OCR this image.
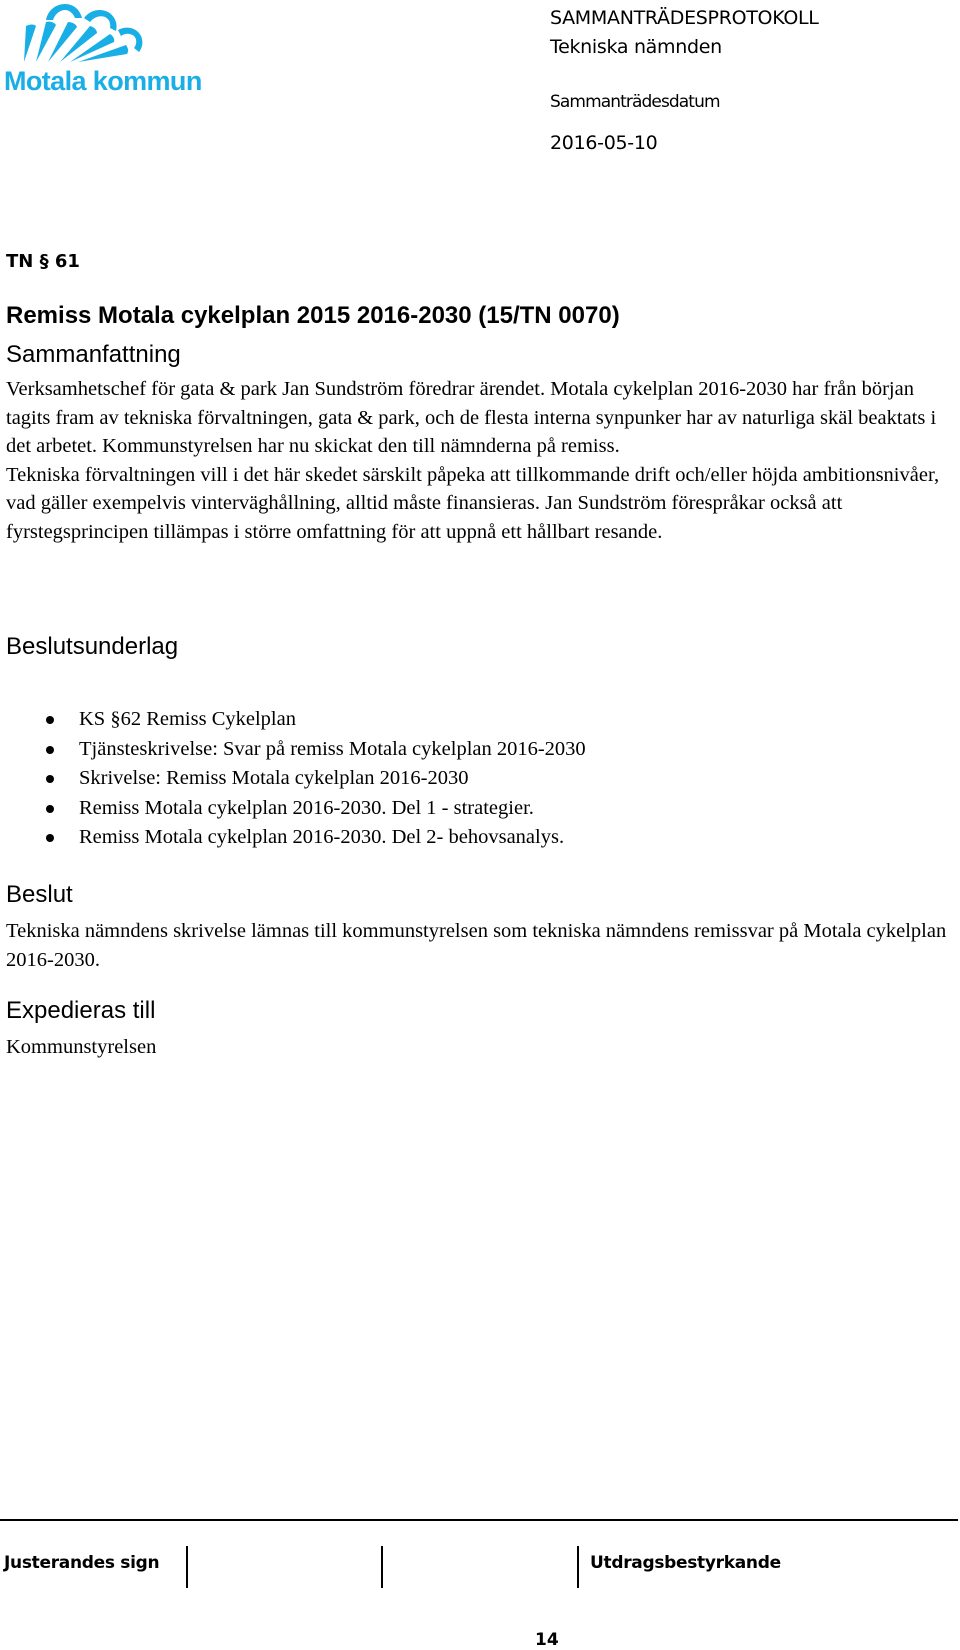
Motala kommun
SAMMANTRÄDESPROTOKOLL
Tekniska nämnden
Sammanträdesdatum
2016-05-10
TN § 61
Remiss Motala cykelplan 2015 2016-2030 (15/TN 0070)
Sammanfattning

Verksamhetschef för gata & park Jan Sundström föredrar ärendet. Motala cykelplan 2016-2030 har från början tagits fram av tekniska förvaltningen, gata & park, och de flesta interna synpunker har av naturliga skäl beaktats i det arbetet. Kommunstyrelsen har nu skickat den till nämnderna på remiss.

Tekniska förvaltningen vill i det här skedet särskilt påpeka att tillkommande drift och/eller höjda ambitionsnivåer, vad gäller exempelvis vinterväghållning, alltid måste finansieras. Jan Sundström förespråkar också att fyrstegsprincipen tillämpas i större omfattning för att uppnå ett hållbart resande.

Beslutsunderlag
KS §62 Remiss Cykelplan
Tjänsteskrivelse: Svar på remiss Motala cykelplan 2016-2030
Skrivelse: Remiss Motala cykelplan 2016-2030
Remiss Motala cykelplan 2016-2030. Del 1 - strategier.
Remiss Motala cykelplan 2016-2030. Del 2- behovsanalys.
Beslut
Tekniska nämndens skrivelse lämnas till kommunstyrelsen som tekniska nämndens remissvar på Motala cykelplan 2016-2030.
Expedieras till
Kommunstyrelsen
Justerandes sign	Utdragsbestyrkande
14
